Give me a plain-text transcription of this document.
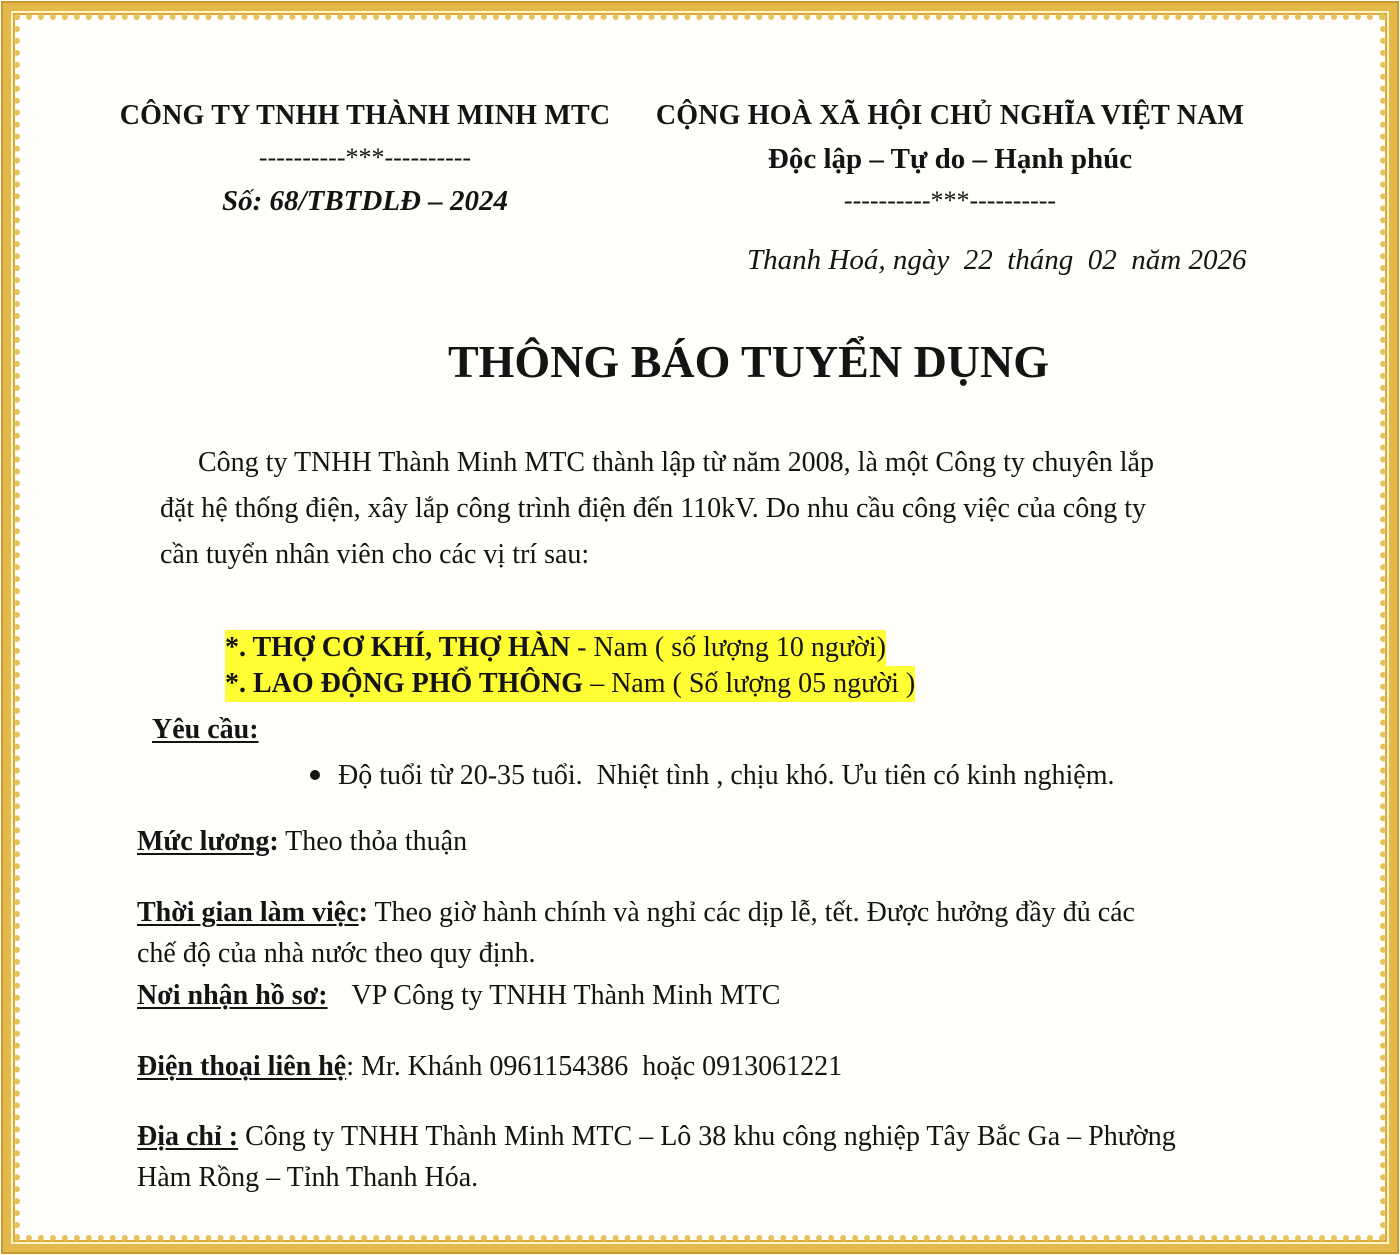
CÔNG TY TNHH THÀNH MINH MTC
----------***----------
Số: 68/TBTDLĐ – 2024
CỘNG HOÀ XÃ HỘI CHỦ NGHĨA VIỆT NAM
Độc lập – Tự do – Hạnh phúc
----------***----------
Thanh Hoá, ngày  22  tháng  02  năm 2026
THÔNG BÁO TUYỂN DỤNG
Công ty TNHH Thành Minh MTC thành lập từ năm 2008, là một Công ty chuyên lắp
đặt hệ thống điện, xây lắp công trình điện đến 110kV. Do nhu cầu công việc của công ty
cần tuyển nhân viên cho các vị trí sau:
*. THỢ CƠ KHÍ, THỢ HÀN - Nam ( số lượng 10 người)
*. LAO ĐỘNG PHỔ THÔNG – Nam ( Số lượng 05 người )
Yêu cầu:
Độ tuổi từ 20-35 tuổi.  Nhiệt tình , chịu khó. Ưu tiên có kinh nghiệm.
Mức lương: Theo thỏa thuận
Thời gian làm việc: Theo giờ hành chính và nghỉ các dịp lễ, tết. Được hưởng đầy đủ các
chế độ của nhà nước theo quy định.
Nơi nhận hồ sơ: VP Công ty TNHH Thành Minh MTC
Điện thoại liên hệ: Mr. Khánh 0961154386  hoặc 0913061221
Địa chỉ : Công ty TNHH Thành Minh MTC – Lô 38 khu công nghiệp Tây Bắc Ga – Phường
Hàm Rồng – Tỉnh Thanh Hóa.
